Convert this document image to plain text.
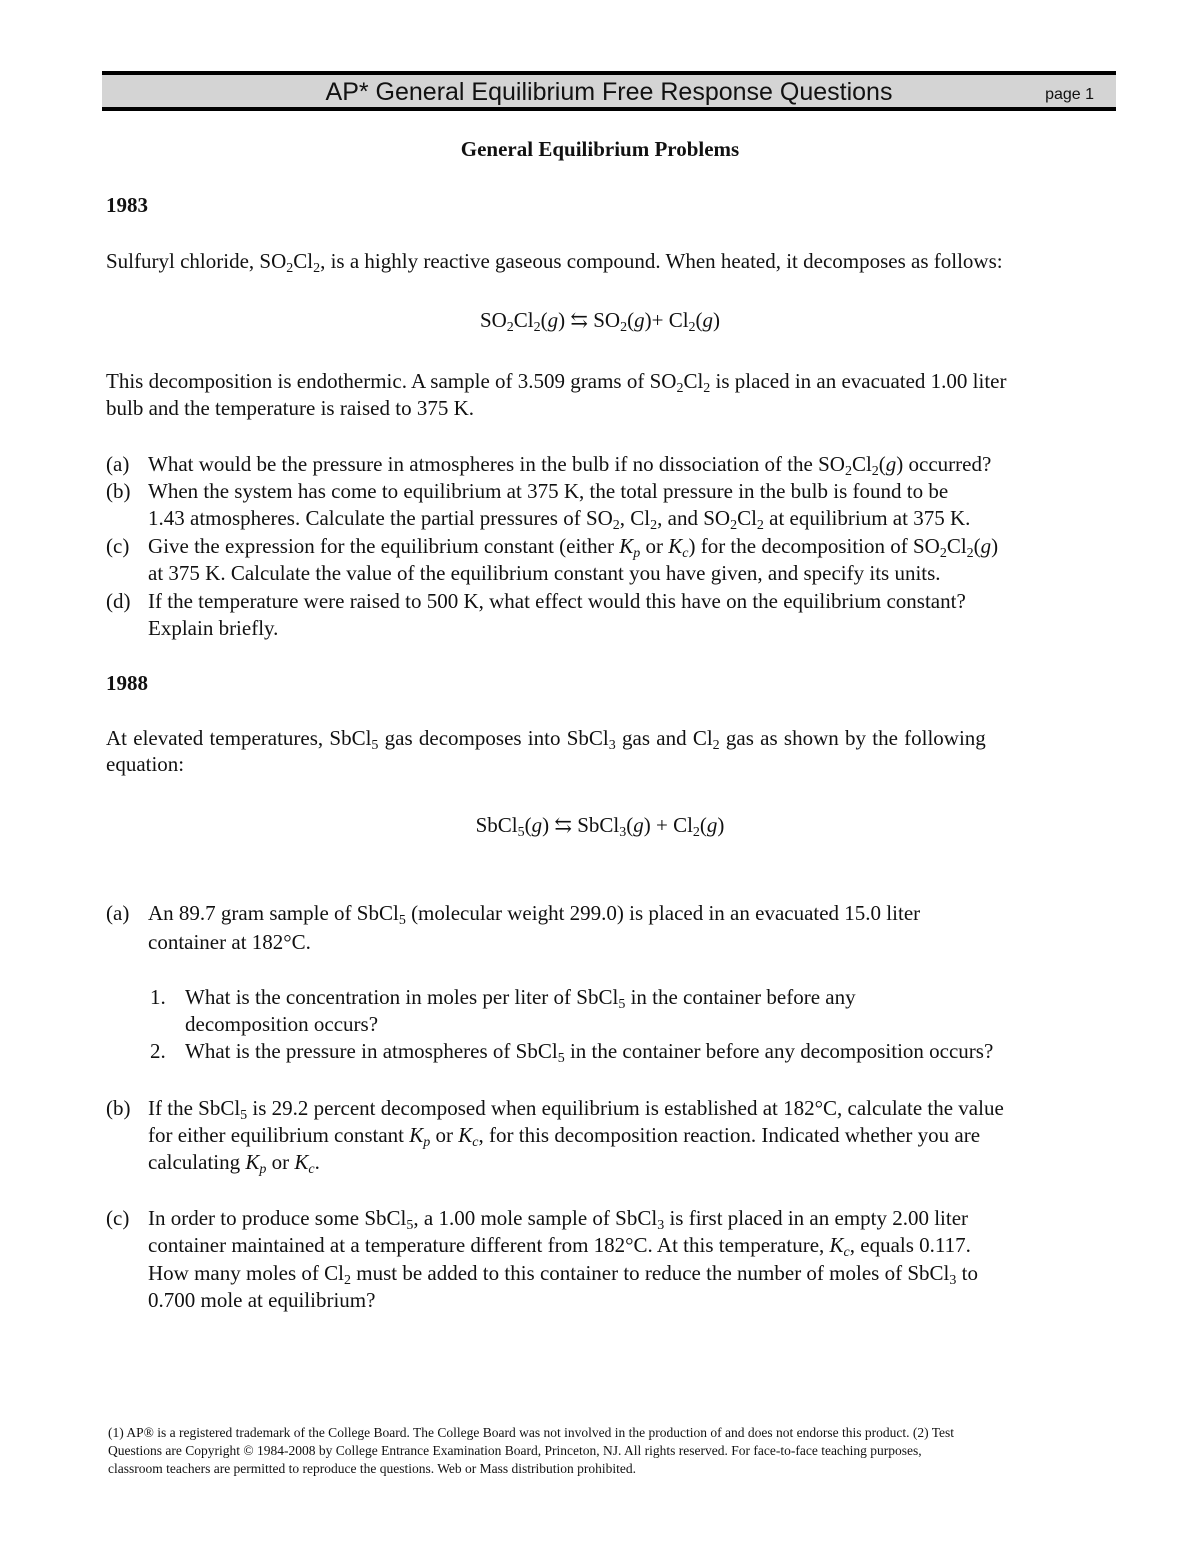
AP* General Equilibrium Free Response Questions	page 1
General Equilibrium Problems
1983
Sulfuryl chloride, $SO_2Cl_2$, is a highly reactive gaseous compound. When heated, it decomposes as follows:
$SO_2Cl_2(g)$ ⇆ $SO_2(g)+ Cl_2(g)$
This decomposition is endothermic. A sample of 3.509 grams of $SO_2Cl_2$ is placed in an evacuated 1.00 liter
bulb and the temperature is raised to 375 K.
(a) What would be the pressure in atmospheres in the bulb if no dissociation of the $SO_2Cl_2(g)$ occurred?
(b) When the system has come to equilibrium at 375 K, the total pressure in the bulb is found to be
1.43 atmospheres. Calculate the partial pressures of $SO_2$, $Cl_2$, and $SO_2Cl_2$ at equilibrium at 375 K.
(c) Give the expression for the equilibrium constant (either $K_p$ or $K_c$) for the decomposition of $SO_2Cl_2(g)$
at 375 K. Calculate the value of the equilibrium constant you have given, and specify its units.
(d) If the temperature were raised to 500 K, what effect would this have on the equilibrium constant?
Explain briefly.
1988
At elevated temperatures, SbCl$_5$ gas decomposes into SbCl$_3$ gas and $Cl_2$ gas as shown by the following
equation:
SbCl$_5$(g) ⇆ SbCl$_3$(g) + $Cl_2(g)$
(a) An 89.7 gram sample of SbCl$_5$ (molecular weight 299.0) is placed in an evacuated 15.0 liter
container at 182°C.
1. What is the concentration in moles per liter of SbCl$_5$ in the container before any
decomposition occurs?
2. What is the pressure in atmospheres of SbCl$_5$ in the container before any decomposition occurs?
(b) If the SbCl$_5$ is 29.2 percent decomposed when equilibrium is established at 182°C, calculate the value
for either equilibrium constant $K_p$ or $K_c$, for this decomposition reaction. Indicated whether you are
calculating $K_p$ or $K_c$.
(c) In order to produce some SbCl$_5$, a 1.00 mole sample of SbCl$_3$ is first placed in an empty 2.00 liter
container maintained at a temperature different from 182°C. At this temperature, $K_c$, equals 0.117.
How many moles of $Cl_2$ must be added to this container to reduce the number of moles of SbCl$_3$ to
0.700 mole at equilibrium?
(1) AP® is a registered trademark of the College Board. The College Board was not involved in the production of and does not endorse this product. (2) Test
Questions are Copyright © 1984-2008 by College Entrance Examination Board, Princeton, NJ. All rights reserved. For face-to-face teaching purposes,
classroom teachers are permitted to reproduce the questions. Web or Mass distribution prohibited.
